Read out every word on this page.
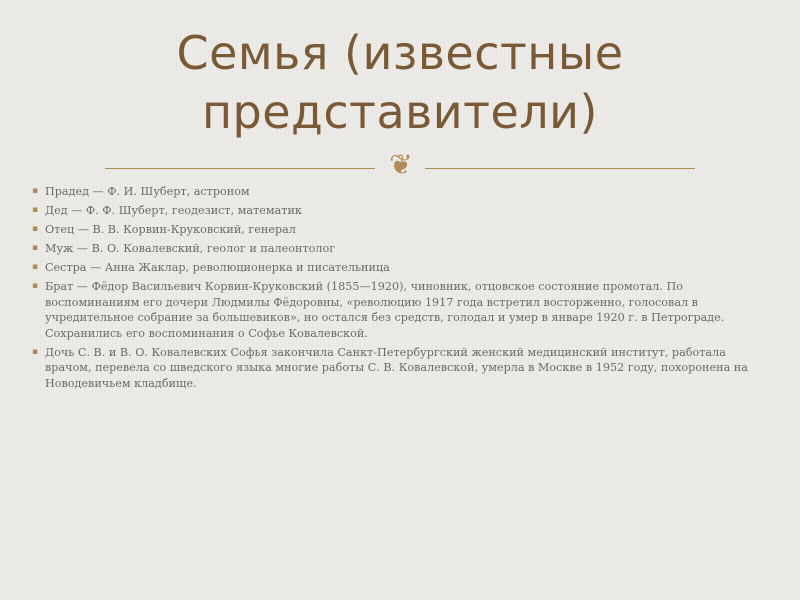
Семья (известные
представители)
❦
▪ Прадед — Ф. И. Шуберт, астроном
▪ Дед — Ф. Ф. Шуберт, геодезист, математик
▪ Отец — В. В. Корвин-Круковский, генерал
▪ Муж — В. О. Ковалевский, геолог и палеонтолог
▪ Сестра — Анна Жаклар, революционерка и писательница
▪ Брат — Фёдор Васильевич Корвин-Круковский (1855—1920), чиновник, отцовское состояние промотал. По воспоминаниям его дочери Людмилы Фёдоровны, «революцию 1917 года встретил восторженно, голосовал в учредительное собрание за большевиков», но остался без средств, голодал и умер в январе 1920 г. в Петрограде. Сохранились его воспоминания о Софье Ковалевской.
▪ Дочь С. В. и В. О. Ковалевских Софья закончила Санкт-Петербургский женский медицинский институт, работала врачом, перевела со шведского языка многие работы С. В. Ковалевской, умерла в Москве в 1952 году, похоронена на Новодевичьем кладбище.
